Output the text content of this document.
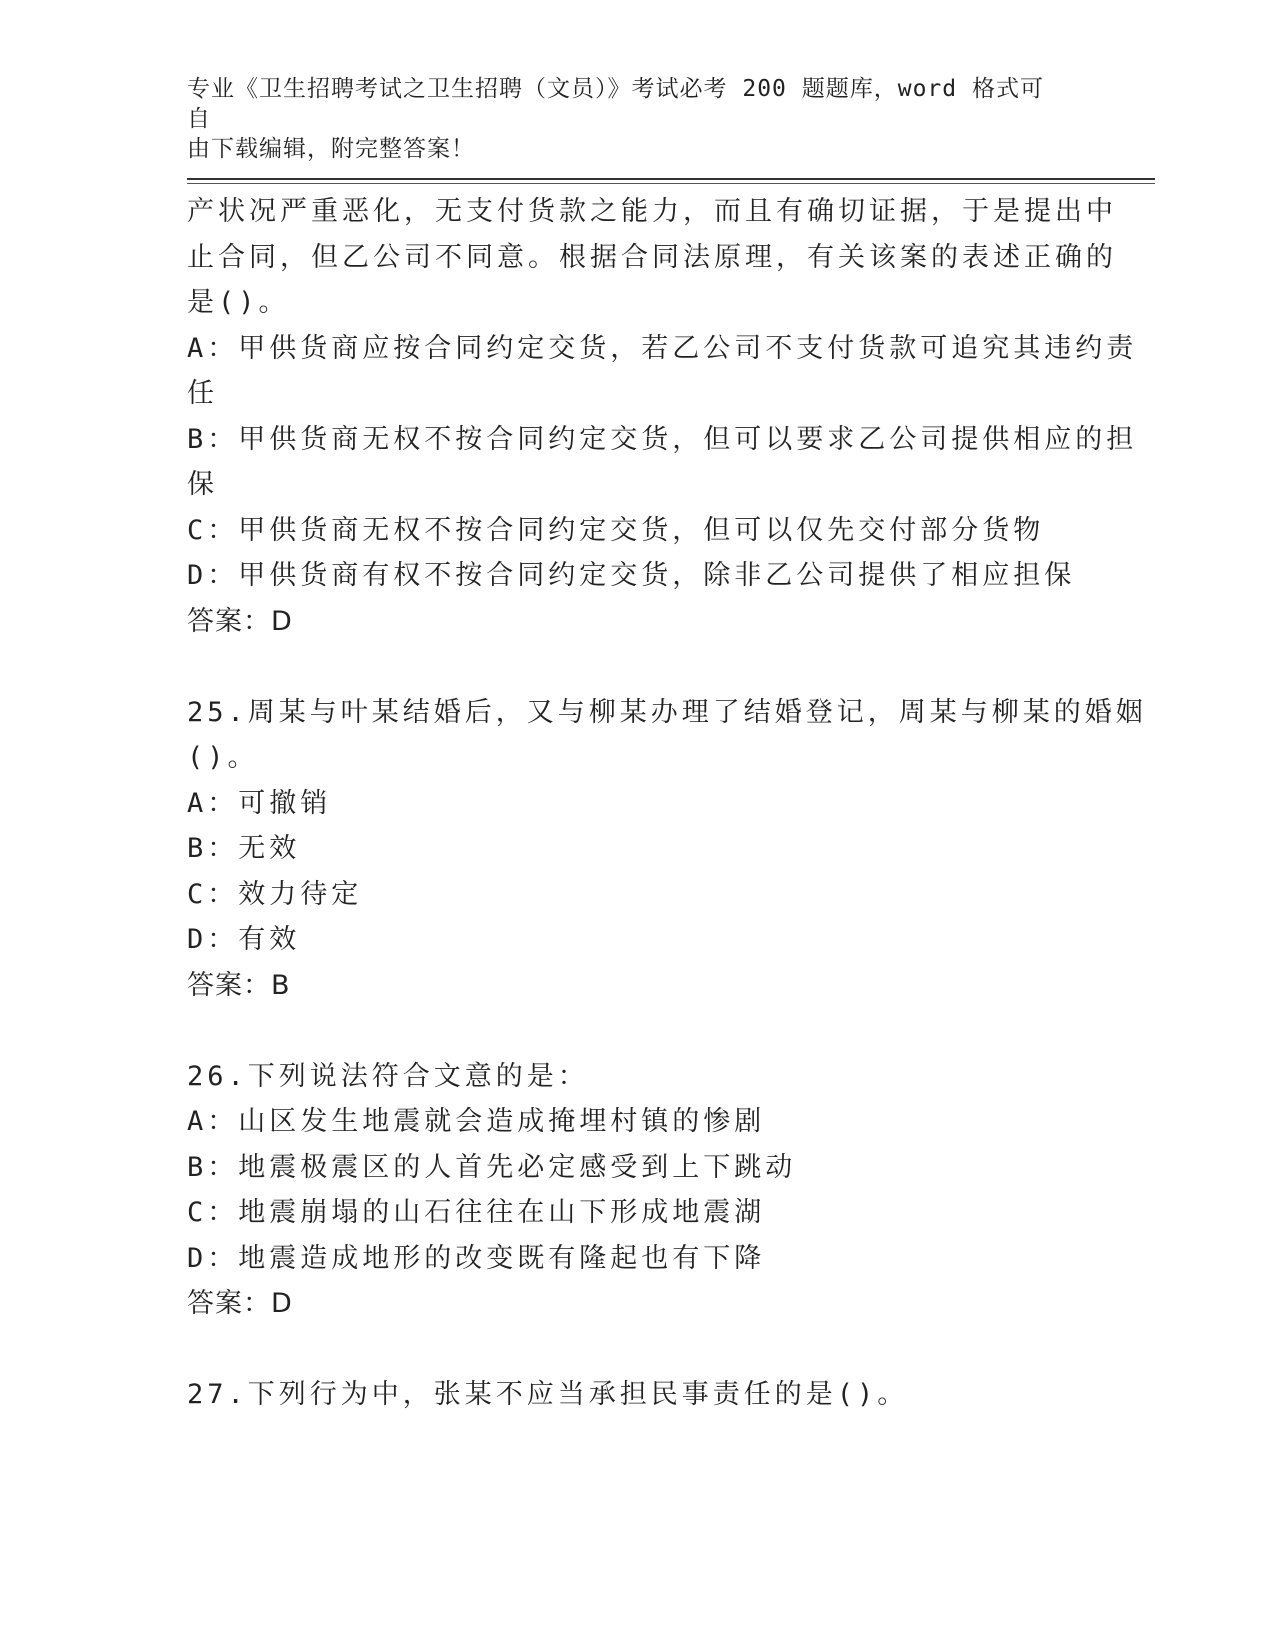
专业《卫生招聘考试之卫生招聘（文员）》考试必考 200 题题库，word 格式可自
由下载编辑，附完整答案！
产状况严重恶化，无支付货款之能力，而且有确切证据，于是提出中
止合同，但乙公司不同意。根据合同法原理，有关该案的表述正确的
是()。
A：甲供货商应按合同约定交货，若乙公司不支付货款可追究其违约责
任
B：甲供货商无权不按合同约定交货，但可以要求乙公司提供相应的担
保
C：甲供货商无权不按合同约定交货，但可以仅先交付部分货物
D：甲供货商有权不按合同约定交货，除非乙公司提供了相应担保
答案：D
25.周某与叶某结婚后，又与柳某办理了结婚登记，周某与柳某的婚姻
()。
A：可撤销
B：无效
C：效力待定
D：有效
答案：B
26.下列说法符合文意的是：
A：山区发生地震就会造成掩埋村镇的惨剧
B：地震极震区的人首先必定感受到上下跳动
C：地震崩塌的山石往往在山下形成地震湖
D：地震造成地形的改变既有隆起也有下降
答案：D
27.下列行为中，张某不应当承担民事责任的是()。
